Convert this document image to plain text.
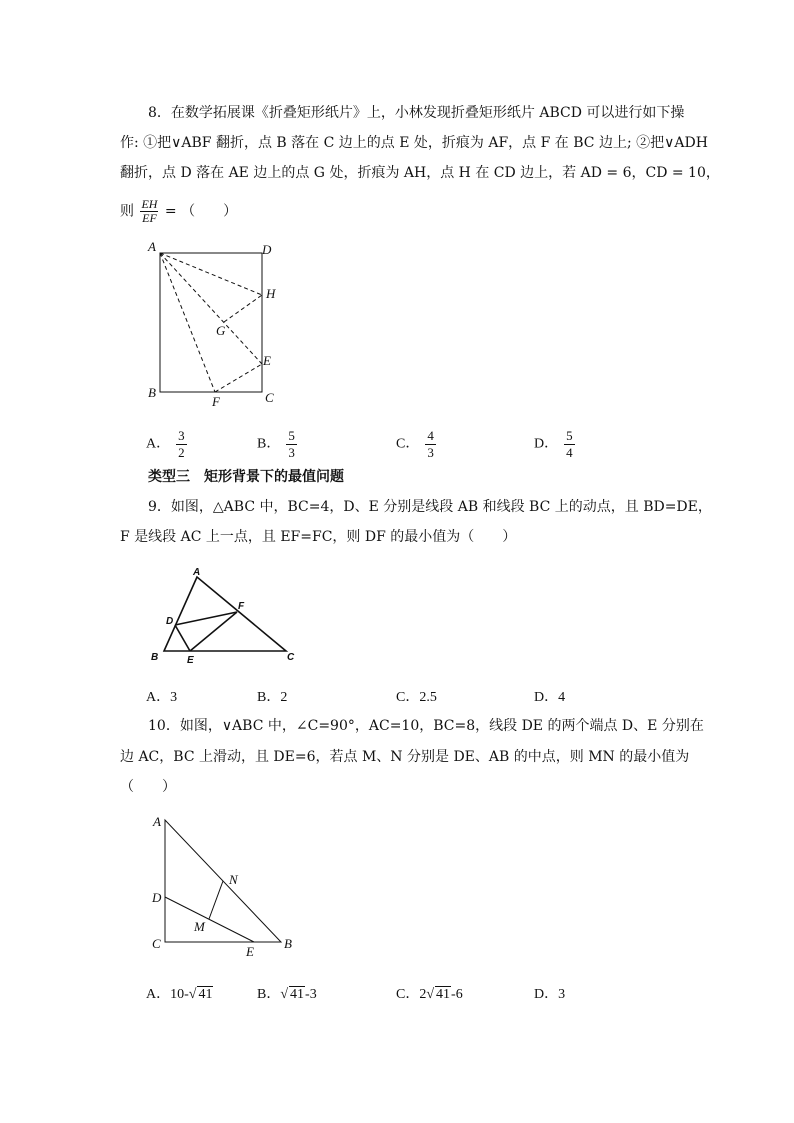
8．在数学拓展课《折叠矩形纸片》上，小林发现折叠矩形纸片 ABCD 可以进行如下操
作: ①把∨ABF 翻折，点 B 落在 C 边上的点 E 处，折痕为 AF，点 F 在 BC 边上; ②把∨ADH
翻折，点 D 落在 AE 边上的点 G 处，折痕为 AH，点 H 在 CD 边上，若 AD = 6，CD = 10，
则 $\frac{EH}{EF}$ = （　　）
A	D
B	C
F
E
H
G
A． $\frac{3}{2}$	B． $\frac{5}{3}$	C． $\frac{4}{3}$	D． $\frac{5}{4}$
类型三　矩形背景下的最值问题
9．如图，△ABC 中，BC=4，D、E 分别是线段 AB 和线段 BC 上的动点，且 BD=DE，
F 是线段 AC 上一点，且 EF=FC，则 DF 的最小值为（　　）
A
B	C
D
E
F
A．3	B．2	C．2.5	D．4
10．如图，∨ABC 中，∠C=90°，AC=10，BC=8，线段 DE 的两个端点 D、E 分别在
边 AC，BC 上滑动，且 DE=6，若点 M、N 分别是 DE、AB 的中点，则 MN 的最小值为
（　　）
A
D
C
E
B
M
N
A．10-√ 41	B．√ 41-3	C．2√ 41-6	D．3
